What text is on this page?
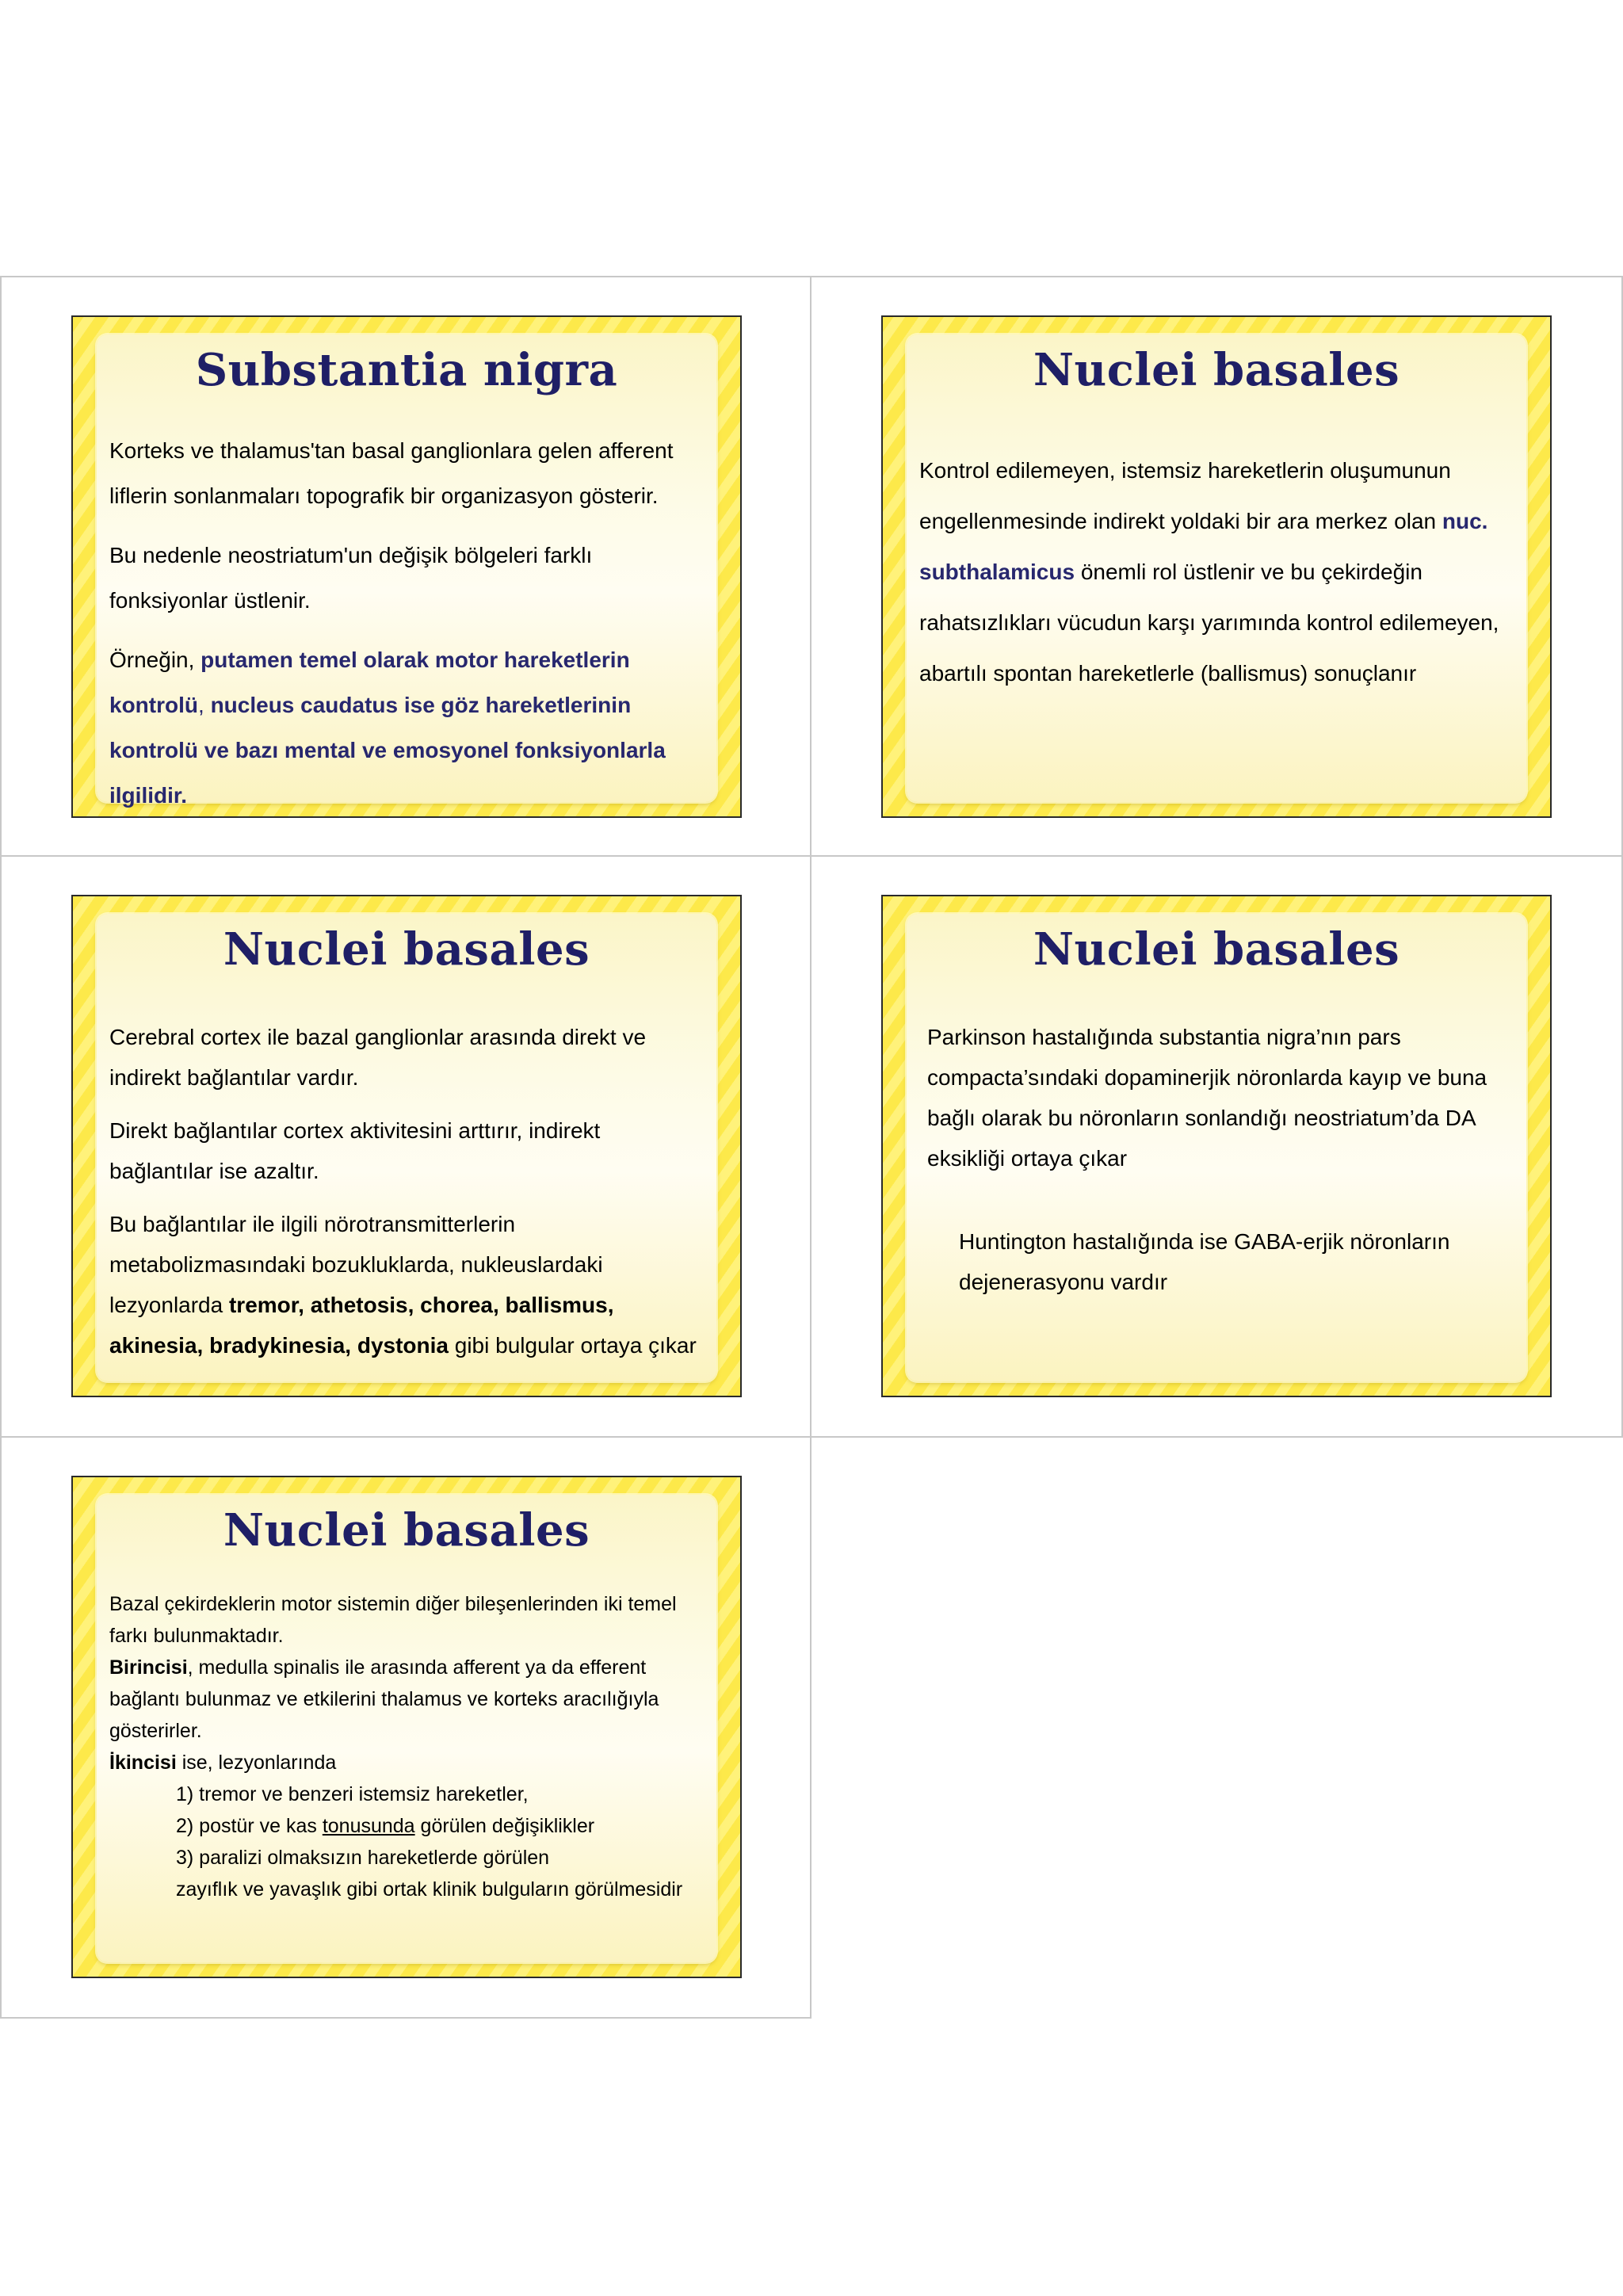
Substantia nigra

Korteks ve thalamus'tan basal ganglionlara gelen afferent liflerin sonlanmaları topografik bir organizasyon gösterir.

Bu nedenle neostriatum'un değişik bölgeleri farklı fonksiyonlar üstlenir.

Örneğin, putamen temel olarak motor hareketlerin kontrolü, nucleus caudatus ise göz hareketlerinin kontrolü ve bazı mental ve emosyonel fonksiyonlarla ilgilidir.

Nuclei basales

Kontrol edilemeyen, istemsiz hareketlerin oluşumunun engellenmesinde indirekt yoldaki bir ara merkez olan nuc. subthalamicus önemli rol üstlenir ve bu çekirdeğin rahatsızlıkları vücudun karşı yarımında kontrol edilemeyen, abartılı spontan hareketlerle (ballismus) sonuçlanır

Nuclei basales

Cerebral cortex ile bazal ganglionlar arasında direkt ve indirekt bağlantılar vardır.

Direkt bağlantılar cortex aktivitesini arttırır, indirekt bağlantılar ise azaltır.

Bu bağlantılar ile ilgili nörotransmitterlerin metabolizmasındaki bozukluklarda, nukleuslardaki lezyonlarda tremor, athetosis, chorea, ballismus, akinesia, bradykinesia, dystonia gibi bulgular ortaya çıkar

Nuclei basales

Parkinson hastalığında substantia nigra’nın pars compacta’sındaki dopaminerjik nöronlarda kayıp ve buna bağlı olarak bu nöronların sonlandığı neostriatum’da DA eksikliği ortaya çıkar

Huntington hastalığında ise GABA-erjik nöronların dejenerasyonu vardır

Nuclei basales

Bazal çekirdeklerin motor sistemin diğer bileşenlerinden iki temel farkı bulunmaktadır.

Birincisi, medulla spinalis ile arasında afferent ya da efferent bağlantı bulunmaz ve etkilerini thalamus ve korteks aracılığıyla gösterirler.

İkincisi ise, lezyonlarında

1) tremor ve benzeri istemsiz hareketler,

2) postür ve kas tonusunda görülen değişiklikler

3) paralizi olmaksızın hareketlerde görülen

zayıflık ve yavaşlık gibi ortak klinik bulguların görülmesidir
